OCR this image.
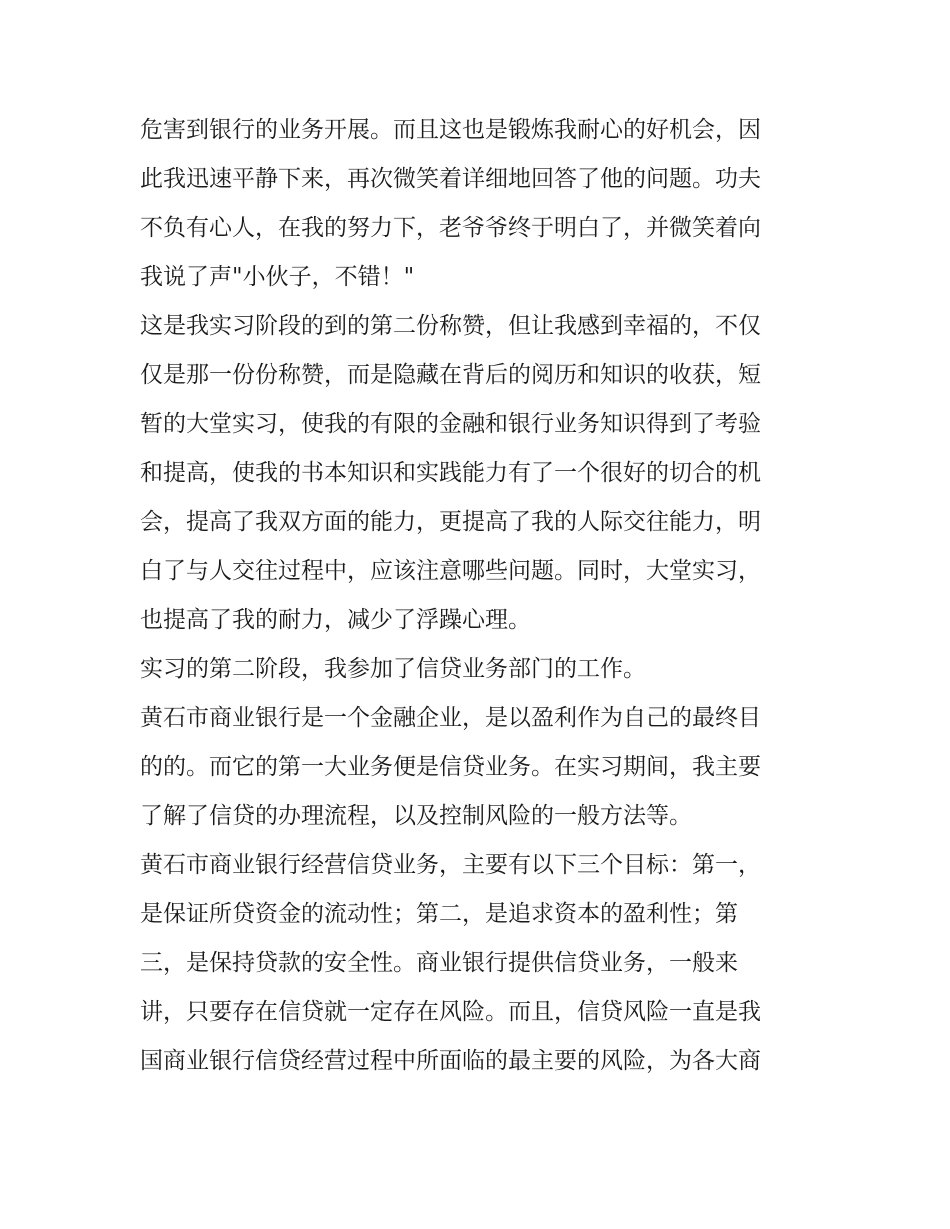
危害到银行的业务开展。而且这也是锻炼我耐心的好机会，因
此我迅速平静下来，再次微笑着详细地回答了他的问题。功夫
不负有心人，在我的努力下，老爷爷终于明白了，并微笑着向
我说了声"小伙子，不错！"
这是我实习阶段的到的第二份称赞，但让我感到幸福的，不仅
仅是那一份份称赞，而是隐藏在背后的阅历和知识的收获，短
暂的大堂实习，使我的有限的金融和银行业务知识得到了考验
和提高，使我的书本知识和实践能力有了一个很好的切合的机
会，提高了我双方面的能力，更提高了我的人际交往能力，明
白了与人交往过程中，应该注意哪些问题。同时，大堂实习，
也提高了我的耐力，减少了浮躁心理。
实习的第二阶段，我参加了信贷业务部门的工作。
黄石市商业银行是一个金融企业，是以盈利作为自己的最终目
的的。而它的第一大业务便是信贷业务。在实习期间，我主要
了解了信贷的办理流程，以及控制风险的一般方法等。
黄石市商业银行经营信贷业务，主要有以下三个目标：第一，
是保证所贷资金的流动性；第二，是追求资本的盈利性；第
三，是保持贷款的安全性。商业银行提供信贷业务，一般来
讲，只要存在信贷就一定存在风险。而且，信贷风险一直是我
国商业银行信贷经营过程中所面临的最主要的风险，为各大商
